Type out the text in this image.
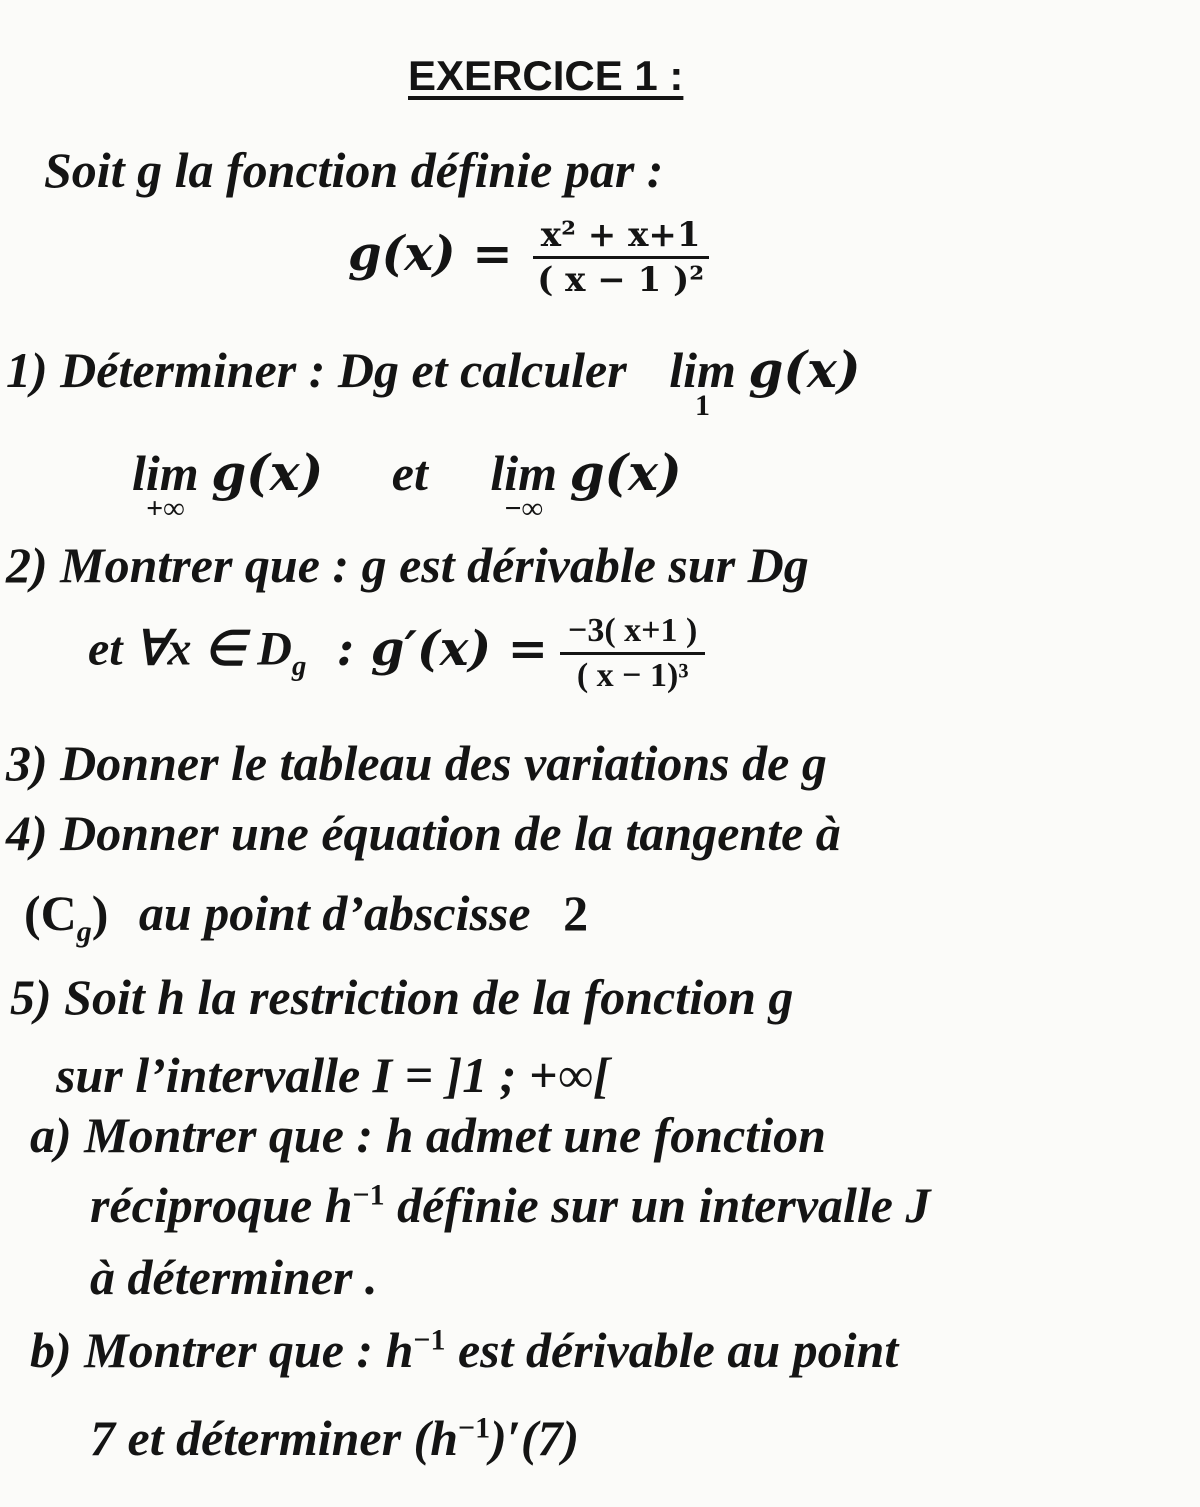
EXERCICE 1 :
Soit g la fonction définie par :
$g(x) = \frac{\text{x² + x+1}}{\text{( x − 1 )²}}$
1) Déterminer : Dg et calculer lim
1
g(x)
lim
+∞
g(x) et lim
−∞
g(x)
2) Montrer que : g est dérivable sur Dg
et ∀x ∈ $D_g$ : $g'(x) = \frac{-3( x+1 )}{\text{( x − 1)³}}$
3) Donner le tableau des variations de g
4) Donner une équation de la tangente à
$(C_g)$ au point d’abscisse 2
5) Soit h la restriction de la fonction g
sur l’intervalle I = ]1 ; +∞[
a) Montrer que : h admet une fonction
réciproque $h^{-1}$ définie sur un intervalle J
à déterminer .
b) Montrer que : $h^{-1}$ est dérivable au point
7 et déterminer $(h^{-1})'(7)$
